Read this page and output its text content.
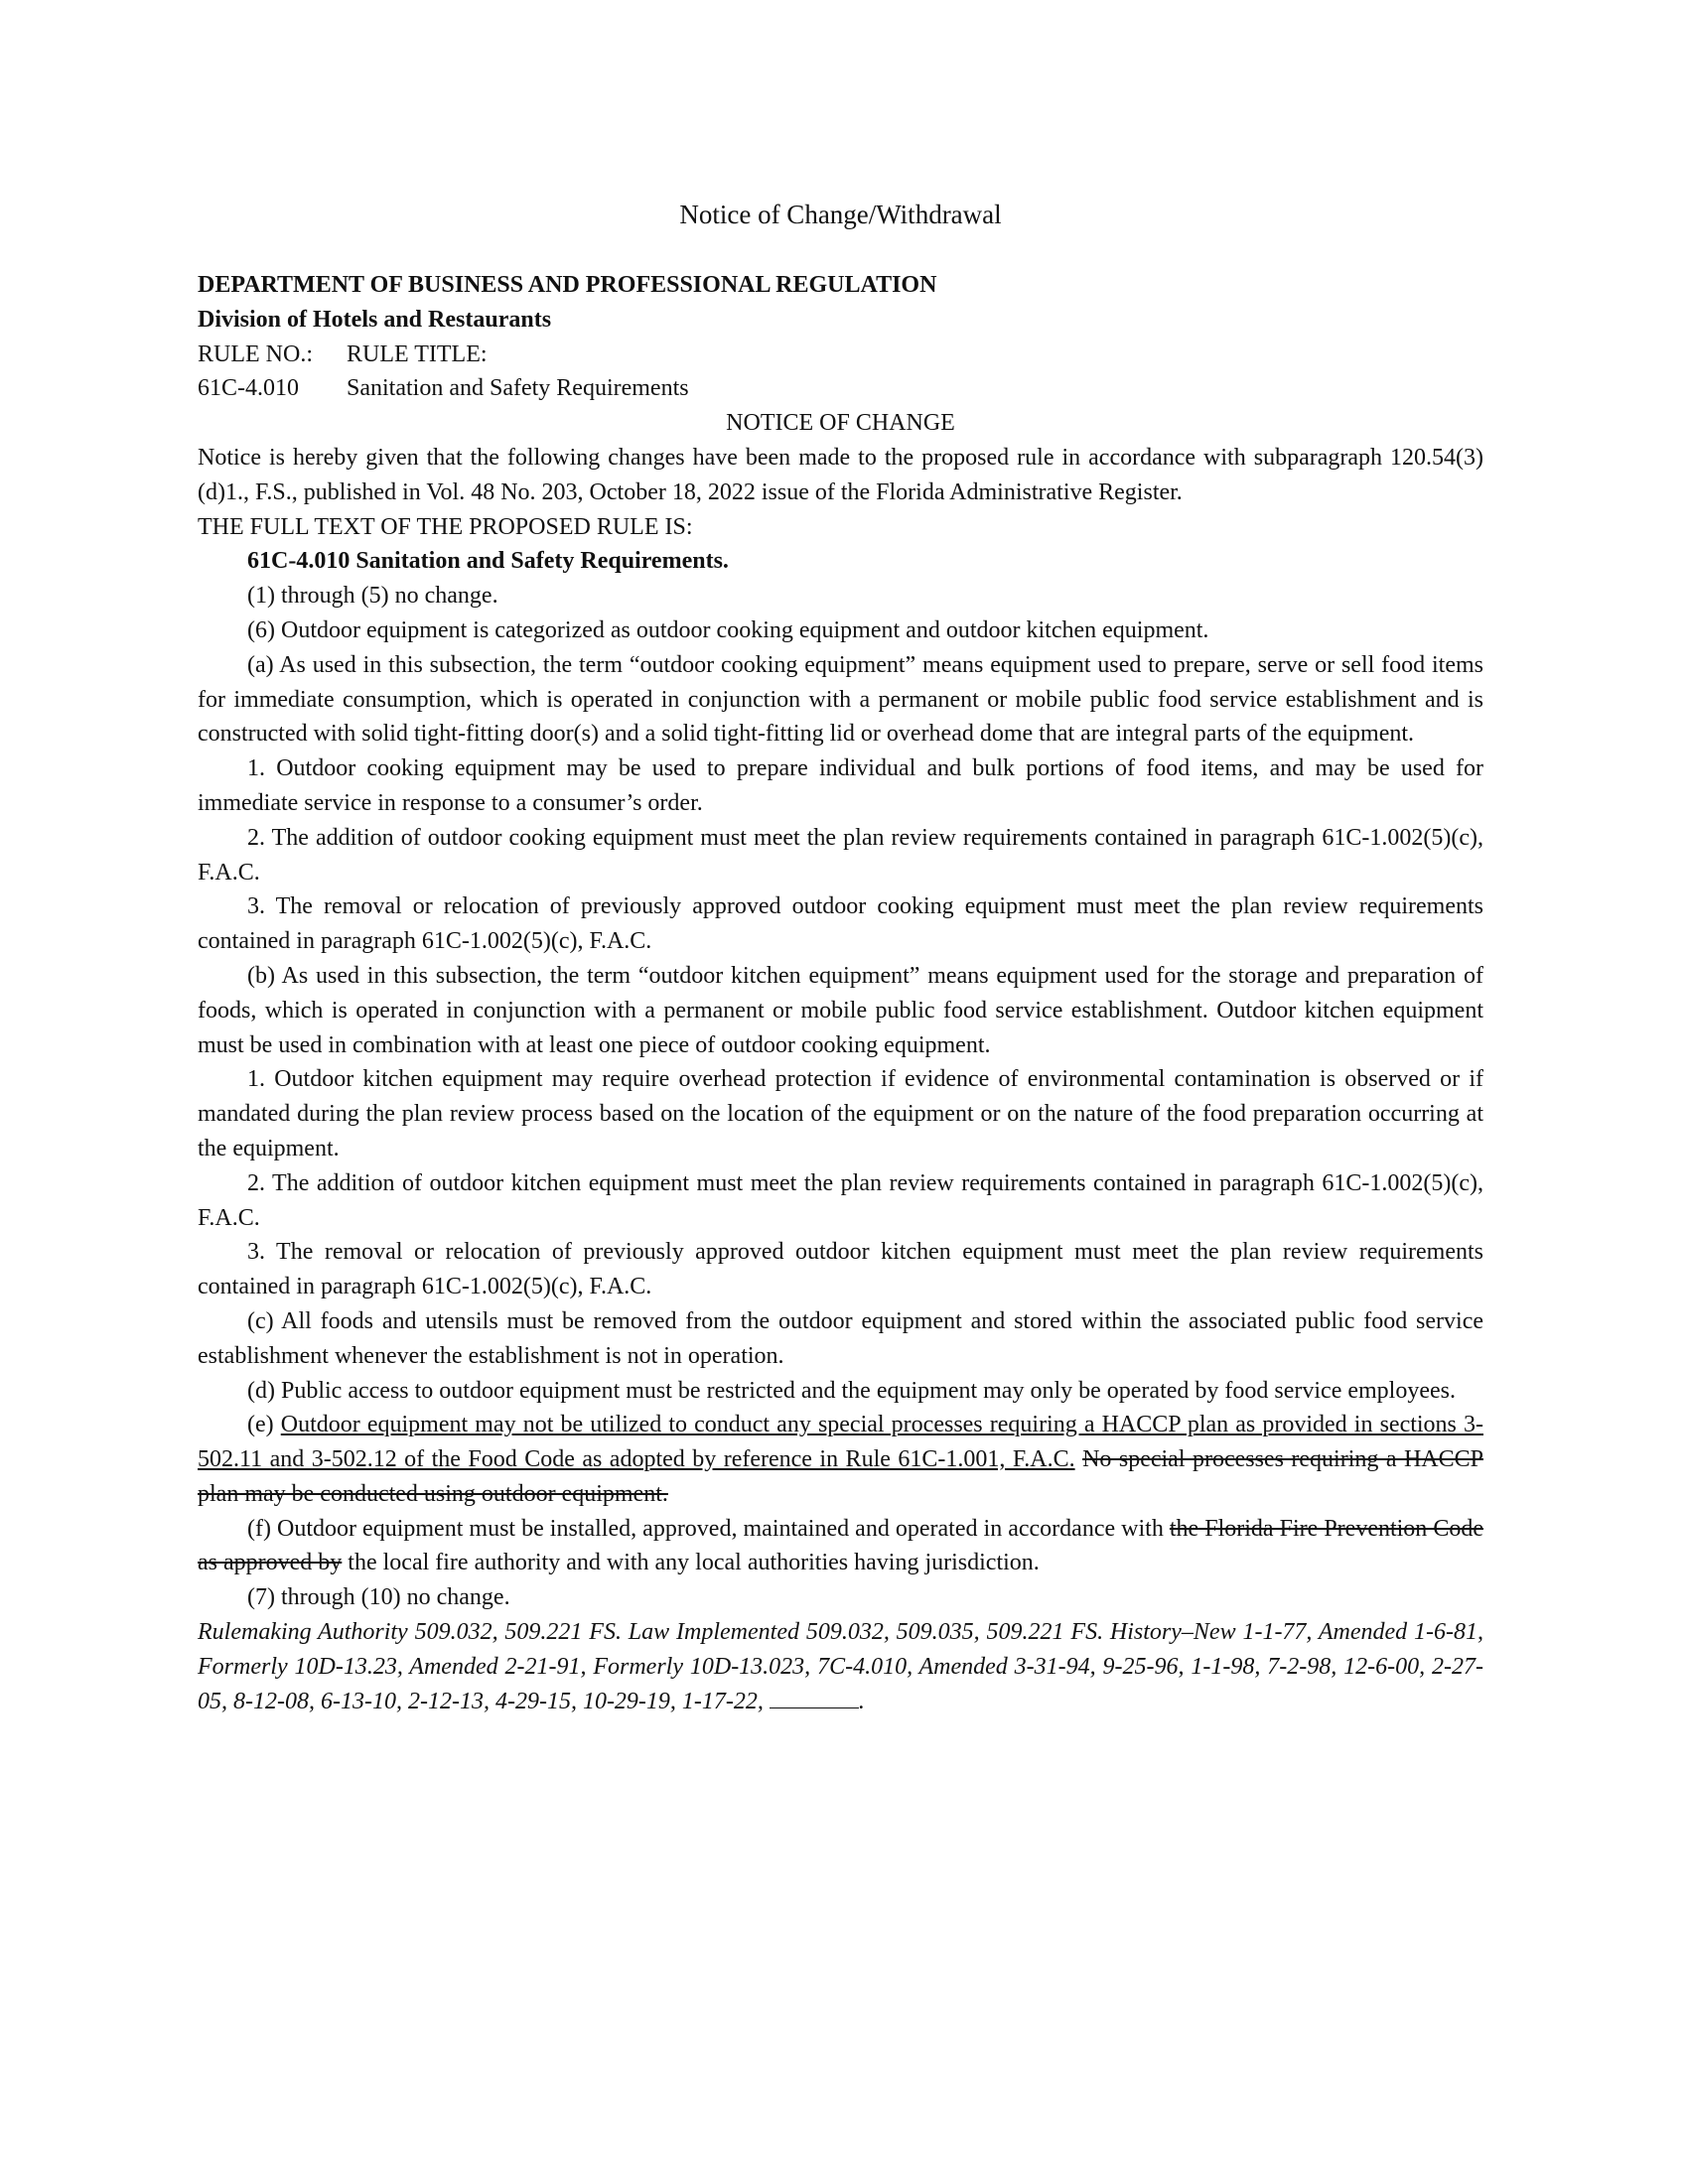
Notice of Change/Withdrawal

DEPARTMENT OF BUSINESS AND PROFESSIONAL REGULATION

Division of Hotels and Restaurants

RULE NO.:	RULE TITLE:
61C-4.010	Sanitation and Safety Requirements

NOTICE OF CHANGE

Notice is hereby given that the following changes have been made to the proposed rule in accordance with subparagraph 120.54(3)(d)1., F.S., published in Vol. 48 No. 203, October 18, 2022 issue of the Florida Administrative Register.

THE FULL TEXT OF THE PROPOSED RULE IS:

61C-4.010 Sanitation and Safety Requirements.

(1) through (5) no change.

(6) Outdoor equipment is categorized as outdoor cooking equipment and outdoor kitchen equipment.

(a) As used in this subsection, the term “outdoor cooking equipment” means equipment used to prepare, serve or sell food items for immediate consumption, which is operated in conjunction with a permanent or mobile public food service establishment and is constructed with solid tight-fitting door(s) and a solid tight-fitting lid or overhead dome that are integral parts of the equipment.

1. Outdoor cooking equipment may be used to prepare individual and bulk portions of food items, and may be used for immediate service in response to a consumer’s order.

2. The addition of outdoor cooking equipment must meet the plan review requirements contained in paragraph 61C-1.002(5)(c), F.A.C.

3. The removal or relocation of previously approved outdoor cooking equipment must meet the plan review requirements contained in paragraph 61C-1.002(5)(c), F.A.C.

(b) As used in this subsection, the term “outdoor kitchen equipment” means equipment used for the storage and preparation of foods, which is operated in conjunction with a permanent or mobile public food service establishment. Outdoor kitchen equipment must be used in combination with at least one piece of outdoor cooking equipment.

1. Outdoor kitchen equipment may require overhead protection if evidence of environmental contamination is observed or if mandated during the plan review process based on the location of the equipment or on the nature of the food preparation occurring at the equipment.

2. The addition of outdoor kitchen equipment must meet the plan review requirements contained in paragraph 61C-1.002(5)(c), F.A.C.

3. The removal or relocation of previously approved outdoor kitchen equipment must meet the plan review requirements contained in paragraph 61C-1.002(5)(c), F.A.C.

(c) All foods and utensils must be removed from the outdoor equipment and stored within the associated public food service establishment whenever the establishment is not in operation.

(d) Public access to outdoor equipment must be restricted and the equipment may only be operated by food service employees.

(e) Outdoor equipment may not be utilized to conduct any special processes requiring a HACCP plan as provided in sections 3-502.11 and 3-502.12 of the Food Code as adopted by reference in Rule 61C-1.001, F.A.C. No special processes requiring a HACCP plan may be conducted using outdoor equipment.

(f) Outdoor equipment must be installed, approved, maintained and operated in accordance with the Florida Fire Prevention Code as approved by the local fire authority and with any local authorities having jurisdiction.

(7) through (10) no change.

Rulemaking Authority 509.032, 509.221 FS. Law Implemented 509.032, 509.035, 509.221 FS. History–New 1-1-77, Amended 1-6-81, Formerly 10D-13.23, Amended 2-21-91, Formerly 10D-13.023, 7C-4.010, Amended 3-31-94, 9-25-96, 1-1-98, 7-2-98, 12-6-00, 2-27-05, 8-12-08, 6-13-10, 2-12-13, 4-29-15, 10-29-19, 1-17-22,	.
